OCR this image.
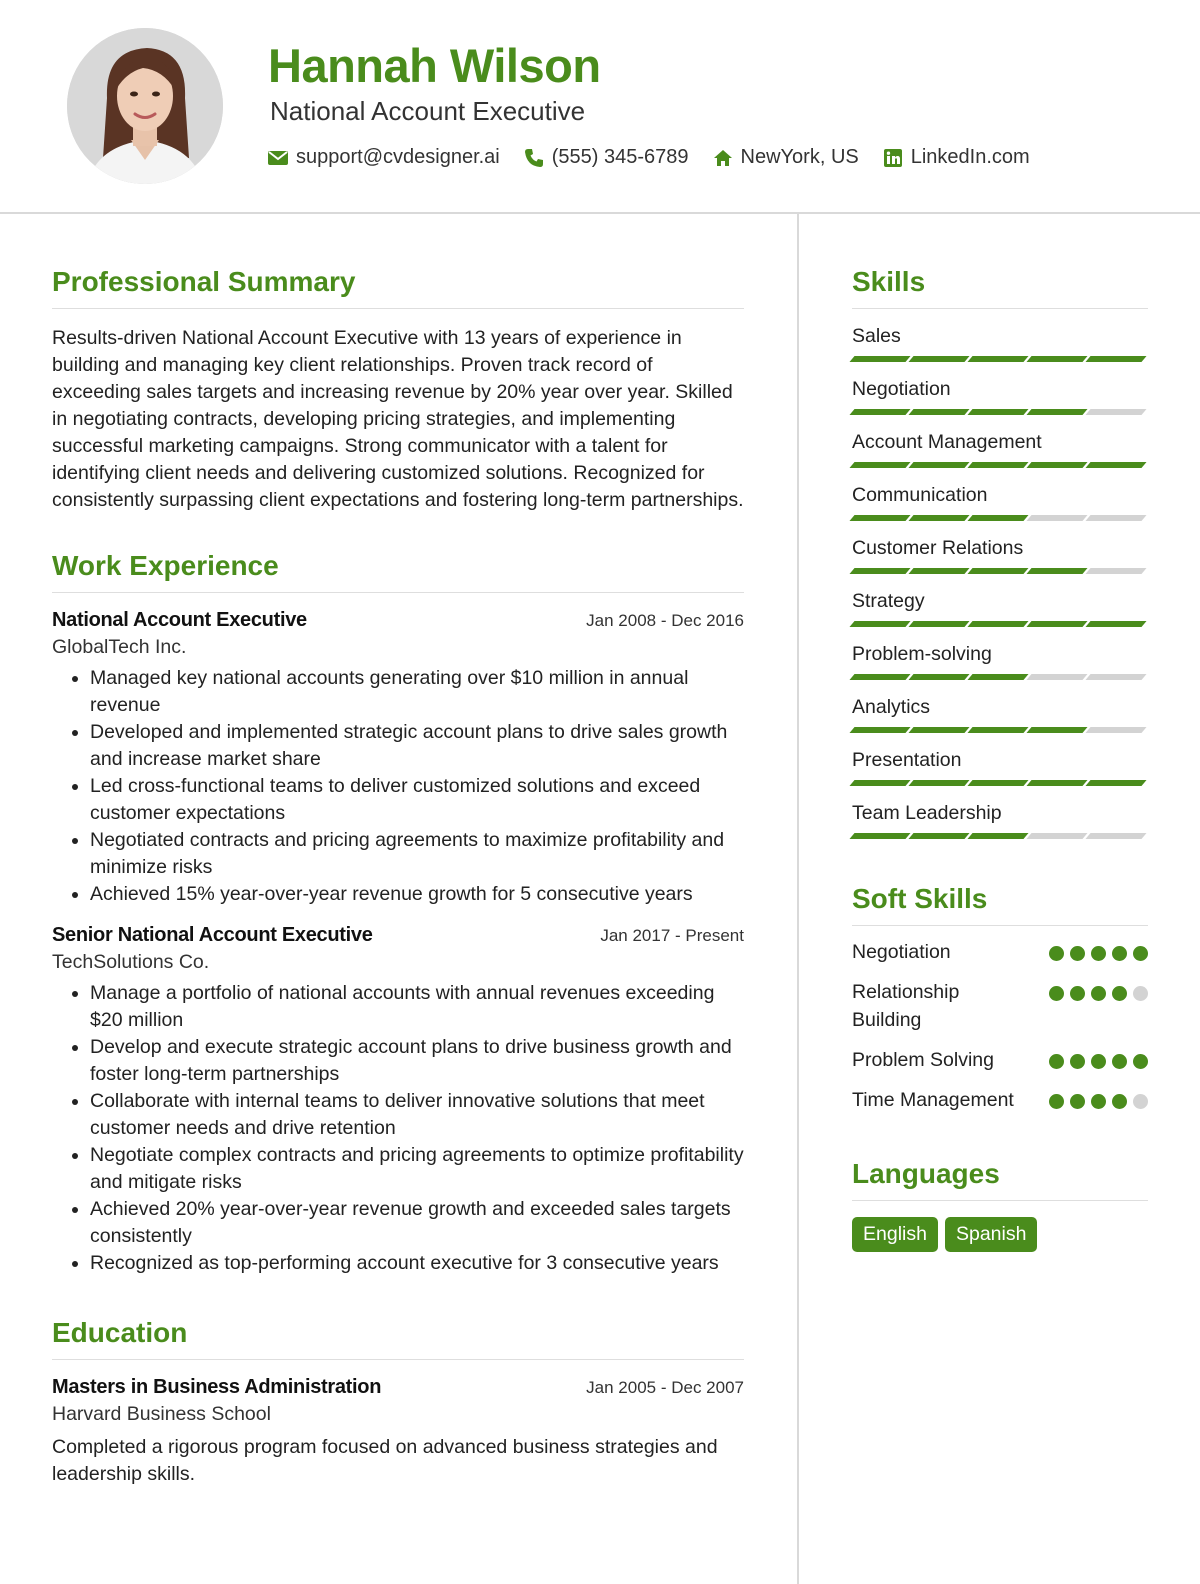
Hannah Wilson
National Account Executive
support@cvdesigner.ai	(555) 345-6789	NewYork, US	LinkedIn.com
Professional Summary
Results-driven National Account Executive with 13 years of experience in building and managing key client relationships. Proven track record of exceeding sales targets and increasing revenue by 20% year over year. Skilled in negotiating contracts, developing pricing strategies, and implementing successful marketing campaigns. Strong communicator with a talent for identifying client needs and delivering customized solutions. Recognized for consistently surpassing client expectations and fostering long-term partnerships.
Work Experience
National Account Executive	Jan 2008 - Dec 2016
GlobalTech Inc.
• Managed key national accounts generating over $10 million in annual revenue
• Developed and implemented strategic account plans to drive sales growth and increase market share
• Led cross-functional teams to deliver customized solutions and exceed customer expectations
• Negotiated contracts and pricing agreements to maximize profitability and minimize risks
• Achieved 15% year-over-year revenue growth for 5 consecutive years
Senior National Account Executive	Jan 2017 - Present
TechSolutions Co.
• Manage a portfolio of national accounts with annual revenues exceeding $20 million
• Develop and execute strategic account plans to drive business growth and foster long-term partnerships
• Collaborate with internal teams to deliver innovative solutions that meet customer needs and drive retention
• Negotiate complex contracts and pricing agreements to optimize profitability and mitigate risks
• Achieved 20% year-over-year revenue growth and exceeded sales targets consistently
• Recognized as top-performing account executive for 3 consecutive years
Education
Masters in Business Administration	Jan 2005 - Dec 2007
Harvard Business School
Completed a rigorous program focused on advanced business strategies and leadership skills.
Skills
Sales
Negotiation
Account Management
Communication
Customer Relations
Strategy
Problem-solving
Analytics
Presentation
Team Leadership
Soft Skills
Negotiation
Relationship Building
Problem Solving
Time Management
Languages
English	Spanish
